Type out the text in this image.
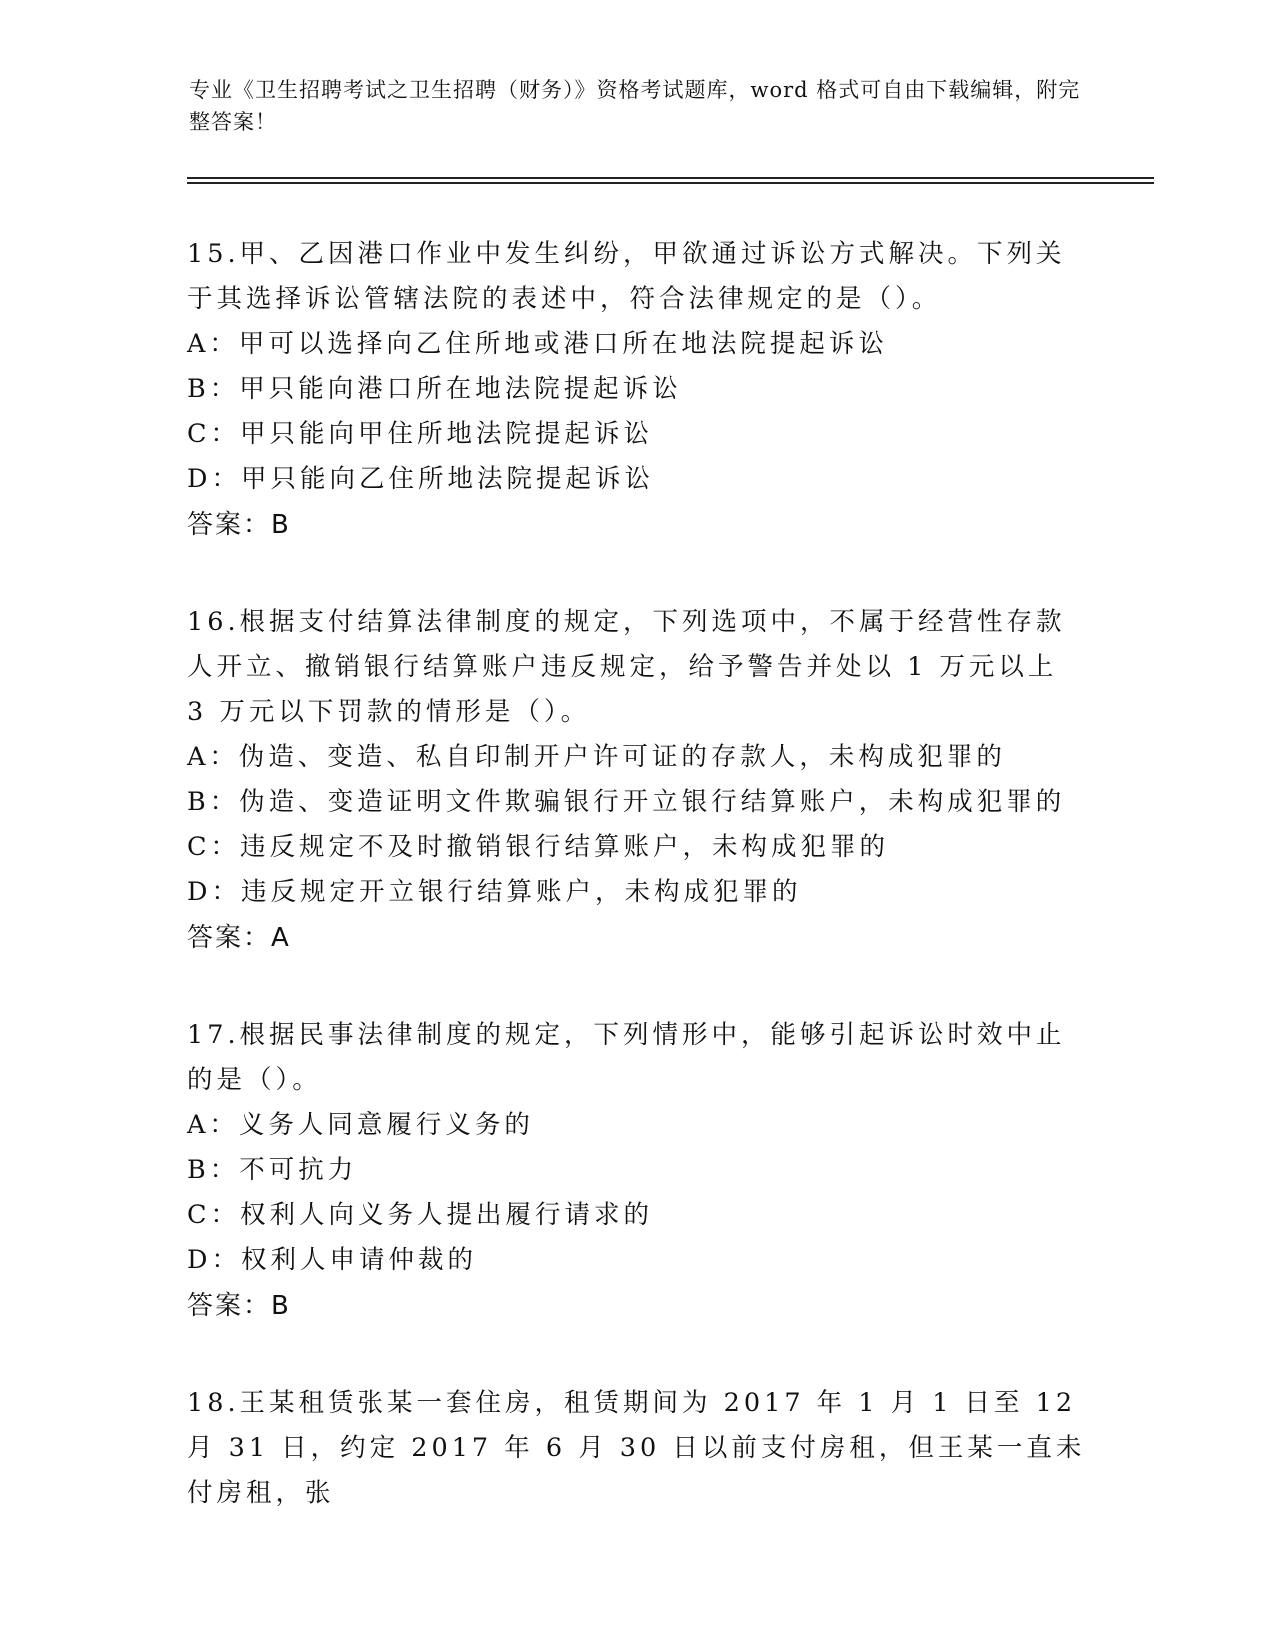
专业《卫生招聘考试之卫生招聘（财务）》资格考试题库，word 格式可自由下载编辑，附完整答案！

15.甲、乙因港口作业中发生纠纷，甲欲通过诉讼方式解决。下列关于其选择诉讼管辖法院的表述中，符合法律规定的是（）。

A：甲可以选择向乙住所地或港口所在地法院提起诉讼

B：甲只能向港口所在地法院提起诉讼

C：甲只能向甲住所地法院提起诉讼

D：甲只能向乙住所地法院提起诉讼

答案：B

16.根据支付结算法律制度的规定，下列选项中，不属于经营性存款人开立、撤销银行结算账户违反规定，给予警告并处以 1 万元以上 3 万元以下罚款的情形是（）。

A：伪造、变造、私自印制开户许可证的存款人，未构成犯罪的

B：伪造、变造证明文件欺骗银行开立银行结算账户，未构成犯罪的

C：违反规定不及时撤销银行结算账户，未构成犯罪的

D：违反规定开立银行结算账户，未构成犯罪的

答案：A

17.根据民事法律制度的规定，下列情形中，能够引起诉讼时效中止的是（）。

A：义务人同意履行义务的

B：不可抗力

C：权利人向义务人提出履行请求的

D：权利人申请仲裁的

答案：B

18.王某租赁张某一套住房，租赁期间为 2017 年 1 月 1 日至 12 月 31 日，约定 2017 年 6 月 30 日以前支付房租，但王某一直未付房租，张
